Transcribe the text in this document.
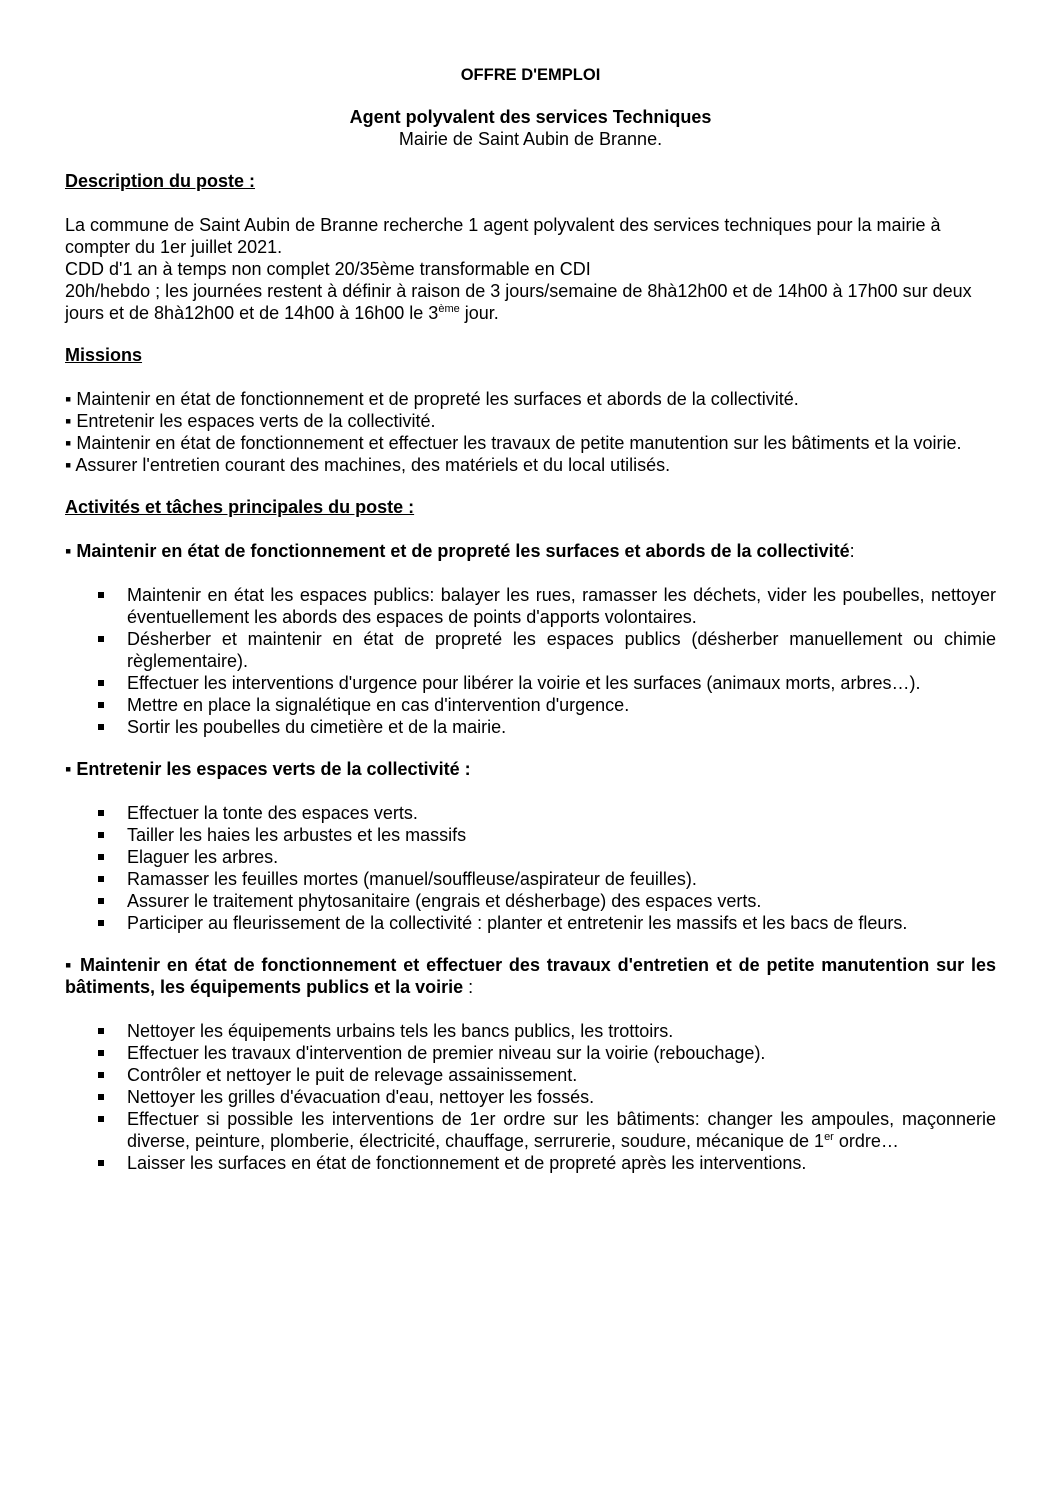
OFFRE D'EMPLOI

Agent polyvalent des services Techniques

Mairie de Saint Aubin de Branne.

Description du poste :

La commune de Saint Aubin de Branne recherche 1 agent polyvalent des services techniques pour la mairie à compter du 1er juillet 2021.

CDD d'1 an à temps non complet 20/35ème transformable en CDI

20h/hebdo ; les journées restent à définir à raison de 3 jours/semaine de 8hà12h00 et de 14h00 à 17h00 sur deux jours et de 8hà12h00 et de 14h00 à 16h00 le 3ème jour.

Missions

▪ Maintenir en état de fonctionnement et de propreté les surfaces et abords de la collectivité.

▪ Entretenir les espaces verts de la collectivité.

▪ Maintenir en état de fonctionnement et effectuer les travaux de petite manutention sur les bâtiments et la voirie.

▪ Assurer l'entretien courant des machines, des matériels et du local utilisés.

Activités et tâches principales du poste :

▪ Maintenir en état de fonctionnement et de propreté les surfaces et abords de la collectivité:

Maintenir en état les espaces publics: balayer les rues, ramasser les déchets, vider les poubelles, nettoyer éventuellement les abords des espaces de points d'apports volontaires.
Désherber et maintenir en état de propreté les espaces publics (désherber manuellement ou chimie règlementaire).
Effectuer les interventions d'urgence pour libérer la voirie et les surfaces (animaux morts, arbres…).
Mettre en place la signalétique en cas d'intervention d'urgence.
Sortir les poubelles du cimetière et de la mairie.

▪ Entretenir les espaces verts de la collectivité :

Effectuer la tonte des espaces verts.
Tailler les haies les arbustes et les massifs
Elaguer les arbres.
Ramasser les feuilles mortes (manuel/souffleuse/aspirateur de feuilles).
Assurer le traitement phytosanitaire (engrais et désherbage) des espaces verts.
Participer au fleurissement de la collectivité : planter et entretenir les massifs et les bacs de fleurs.

▪ Maintenir en état de fonctionnement et effectuer des travaux d'entretien et de petite manutention sur les bâtiments, les équipements publics et la voirie :

Nettoyer les équipements urbains tels les bancs publics, les trottoirs.
Effectuer les travaux d'intervention de premier niveau sur la voirie (rebouchage).
Contrôler et nettoyer le puit de relevage assainissement.
Nettoyer les grilles d'évacuation d'eau, nettoyer les fossés.
Effectuer si possible les interventions de 1er ordre sur les bâtiments: changer les ampoules, maçonnerie diverse, peinture, plomberie, électricité, chauffage, serrurerie, soudure, mécanique de 1er ordre…
Laisser les surfaces en état de fonctionnement et de propreté après les interventions.
